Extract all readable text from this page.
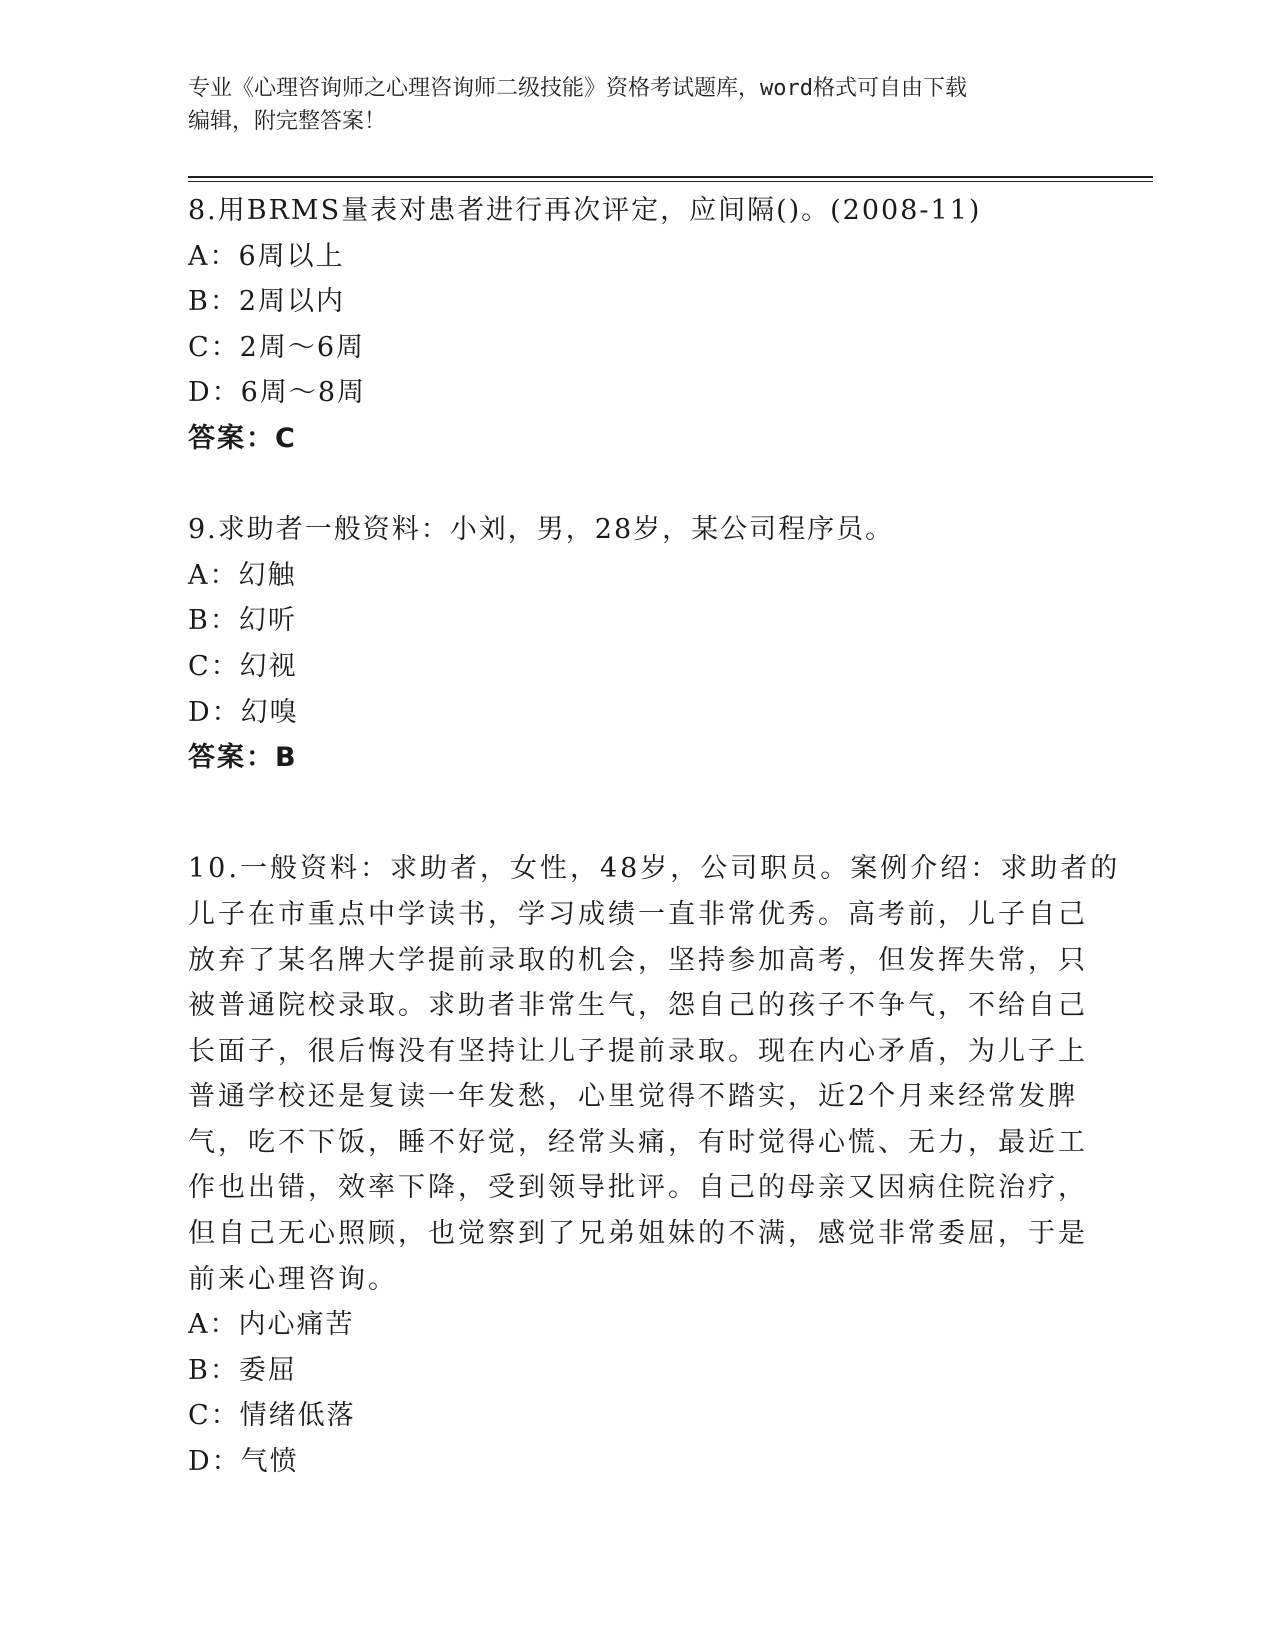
专业《心理咨询师之心理咨询师二级技能》资格考试题库，word格式可自由下载
编辑，附完整答案！
8.用BRMS量表对患者进行再次评定，应间隔()。(2008-11)
A：6周以上
B：2周以内
C：2周～6周
D：6周～8周
答案：C
9.求助者一般资料：小刘，男，28岁，某公司程序员。
A：幻触
B：幻听
C：幻视
D：幻嗅
答案：B
10.一般资料：求助者，女性，48岁，公司职员。案例介绍：求助者的
儿子在市重点中学读书，学习成绩一直非常优秀。高考前，儿子自己
放弃了某名牌大学提前录取的机会，坚持参加高考，但发挥失常，只
被普通院校录取。求助者非常生气，怨自己的孩子不争气，不给自己
长面子，很后悔没有坚持让儿子提前录取。现在内心矛盾，为儿子上
普通学校还是复读一年发愁，心里觉得不踏实，近2个月来经常发脾
气，吃不下饭，睡不好觉，经常头痛，有时觉得心慌、无力，最近工
作也出错，效率下降，受到领导批评。自己的母亲又因病住院治疗，
但自己无心照顾，也觉察到了兄弟姐妹的不满，感觉非常委屈，于是
前来心理咨询。
A：内心痛苦
B：委屈
C：情绪低落
D：气愤
